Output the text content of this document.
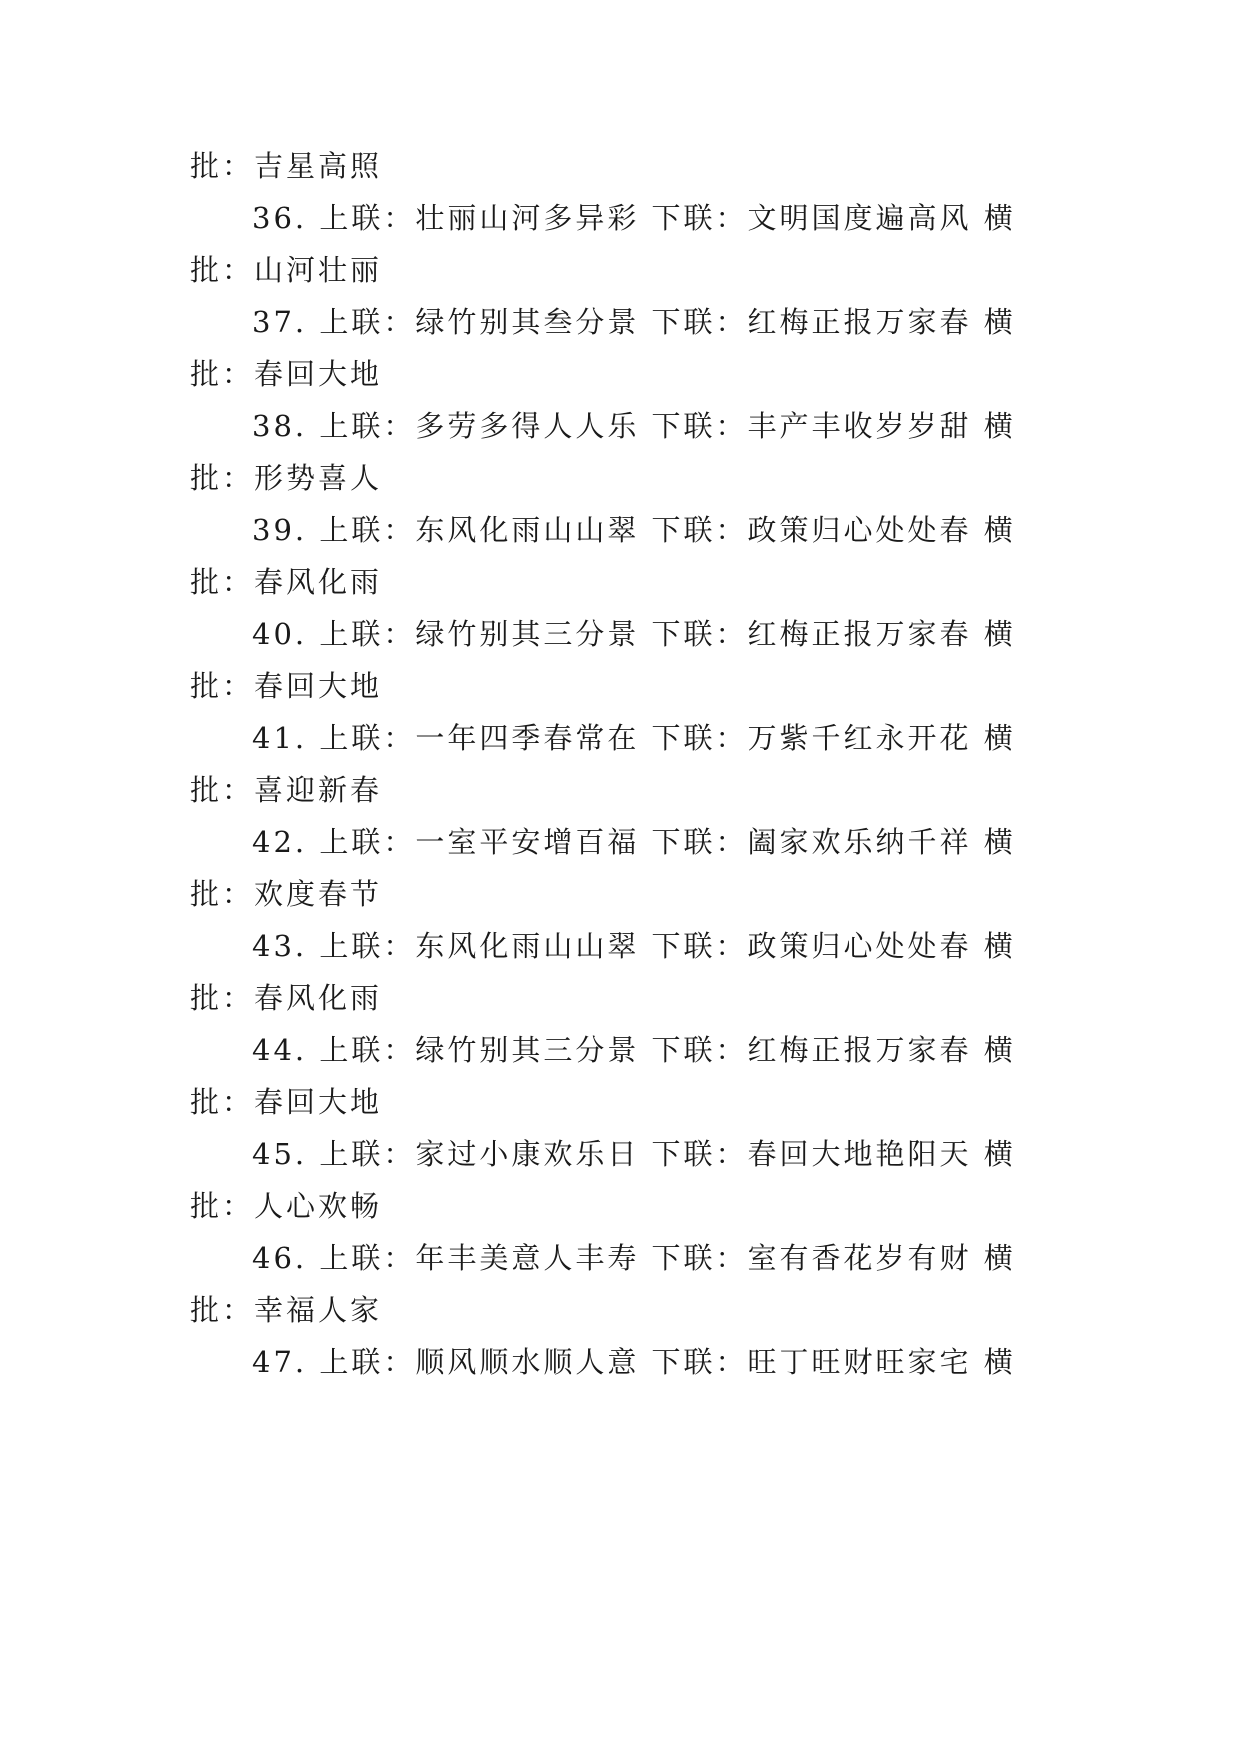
批：吉星高照
36. 上联：壮丽山河多异彩 下联：文明国度遍高风 横
批：山河壮丽
37. 上联：绿竹别其叁分景 下联：红梅正报万家春 横
批：春回大地
38. 上联：多劳多得人人乐 下联：丰产丰收岁岁甜 横
批：形势喜人
39. 上联：东风化雨山山翠 下联：政策归心处处春 横
批：春风化雨
40. 上联：绿竹别其三分景 下联：红梅正报万家春 横
批：春回大地
41. 上联：一年四季春常在 下联：万紫千红永开花 横
批：喜迎新春
42. 上联：一室平安增百福 下联：阖家欢乐纳千祥 横
批：欢度春节
43. 上联：东风化雨山山翠 下联：政策归心处处春 横
批：春风化雨
44. 上联：绿竹别其三分景 下联：红梅正报万家春 横
批：春回大地
45. 上联：家过小康欢乐日 下联：春回大地艳阳天 横
批：人心欢畅
46. 上联：年丰美意人丰寿 下联：室有香花岁有财 横
批：幸福人家
47. 上联：顺风顺水顺人意 下联：旺丁旺财旺家宅 横
